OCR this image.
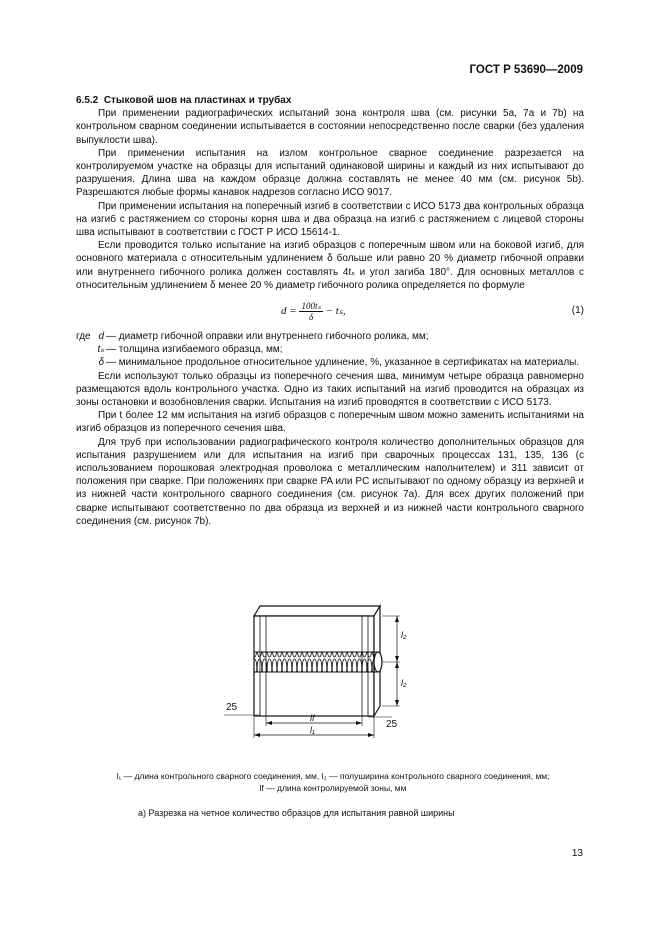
ГОСТ Р 53690—2009
6.5.2 Стыковой шов на пластинах и трубах

При применении радиографических испытаний зона контроля шва (см. рисунки 5а, 7а и 7b) на контрольном сварном соединении испытывается в состоянии непосредственно после сварки (без удаления выпуклости шва).

При применении испытания на излом контрольное сварное соединение разрезается на контролируемом участке на образцы для испытаний одинаковой ширины и каждый из них испытывают до разрушения. Длина шва на каждом образце должна составлять не менее 40 мм (см. рисунок 5b). Разрешаются любые формы канавок надрезов согласно ИСО 9017.

При применении испытания на поперечный изгиб в соответствии с ИСО 5173 два контрольных образца на изгиб с растяжением со стороны корня шва и два образца на изгиб с растяжением с лицевой стороны шва испытывают в соответствии с ГОСТ Р ИСО 15614-1.

Если проводится только испытание на изгиб образцов с поперечным швом или на боковой изгиб, для основного материала с относительным удлинением δ больше или равно 20 % диаметр гибочной оправки или внутреннего гибочного ролика должен составлять 4tₛ и угол загиба 180°. Для основных металлов с относительным удлинением δ менее 20 % диаметр гибочного ролика определяется по формуле

$d = \frac{\text{100tₛ}}{\delta} - t_s$,	(1)
где d — диаметр гибочной оправки или внутреннего гибочного ролика, мм;
tₛ — толщина изгибаемого образца, мм;
δ — минимальное продольное относительное удлинение, %, указанное в сертификатах на материалы.

Если используют только образцы из поперечного сечения шва, минимум четыре образца равномерно размещаются вдоль контрольного участка. Одно из таких испытаний на изгиб проводится на образцах из зоны остановки и возобновления сварки. Испытания на изгиб проводятся в соответствии с ИСО 5173.

При t более 12 мм испытания на изгиб образцов с поперечным швом можно заменить испытаниями на изгиб образцов из поперечного сечения шва.

Для труб при использовании радиографического контроля количество дополнительных образцов для испытания разрушением или для испытания на изгиб при сварочных процессах 131, 135, 136 (с использованием порошковая электродная проволока с металлическим наполнителем) и 311 зависит от положения при сварке. При положениях при сварке PA или PC испытывают по одному образцу из верхней и из нижней части контрольного сварного соединения (см. рисунок 7а). Для всех других положений при сварке испытывают соответственно по два образца из верхней и из нижней части контрольного сварного соединения (см. рисунок 7b).

25
25
l₂
l₂
lf
l₁
l₁ — длина контрольного сварного соединения, мм, l₂ — полуширина контрольного сварного соединения, мм;
lf — длина контролируемой зоны, мм
а) Разрезка на четное количество образцов для испытания равной ширины
13
